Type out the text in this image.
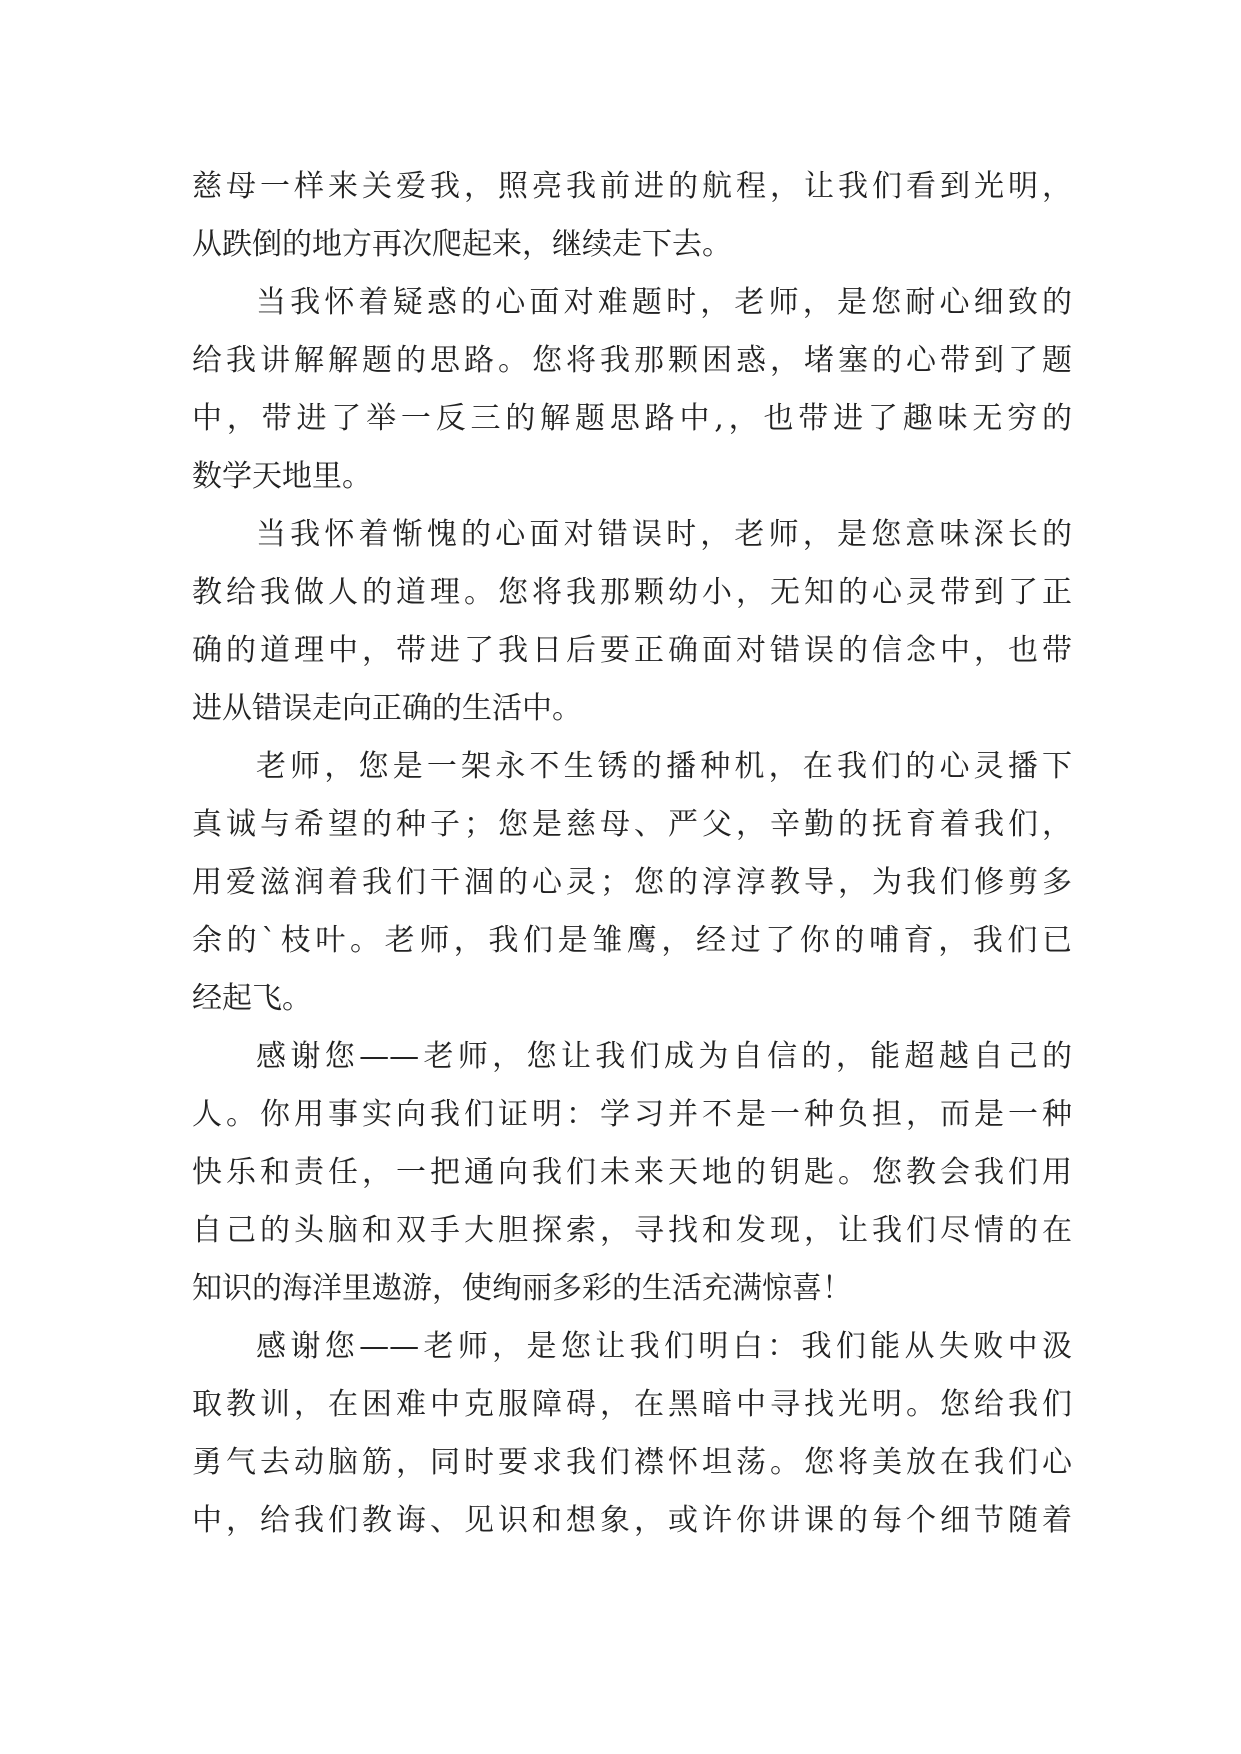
慈母一样来关爱我，照亮我前进的航程，让我们看到光明，
从跌倒的地方再次爬起来，继续走下去。
当我怀着疑惑的心面对难题时，老师，是您耐心细致的
给我讲解解题的思路。您将我那颗困惑，堵塞的心带到了题
中，带进了举一反三的解题思路中,，也带进了趣味无穷的
数学天地里。
当我怀着惭愧的心面对错误时，老师，是您意味深长的
教给我做人的道理。您将我那颗幼小，无知的心灵带到了正
确的道理中，带进了我日后要正确面对错误的信念中，也带
进从错误走向正确的生活中。
老师，您是一架永不生锈的播种机，在我们的心灵播下
真诚与希望的种子；您是慈母、严父，辛勤的抚育着我们，
用爱滋润着我们干涸的心灵；您的淳淳教导，为我们修剪多
余的`枝叶。老师，我们是雏鹰，经过了你的哺育，我们已
经起飞。
感谢您——老师，您让我们成为自信的，能超越自己的
人。你用事实向我们证明：学习并不是一种负担，而是一种
快乐和责任，一把通向我们未来天地的钥匙。您教会我们用
自己的头脑和双手大胆探索，寻找和发现，让我们尽情的在
知识的海洋里遨游，使绚丽多彩的生活充满惊喜！
感谢您——老师，是您让我们明白：我们能从失败中汲
取教训，在困难中克服障碍，在黑暗中寻找光明。您给我们
勇气去动脑筋，同时要求我们襟怀坦荡。您将美放在我们心
中，给我们教诲、见识和想象，或许你讲课的每个细节随着
